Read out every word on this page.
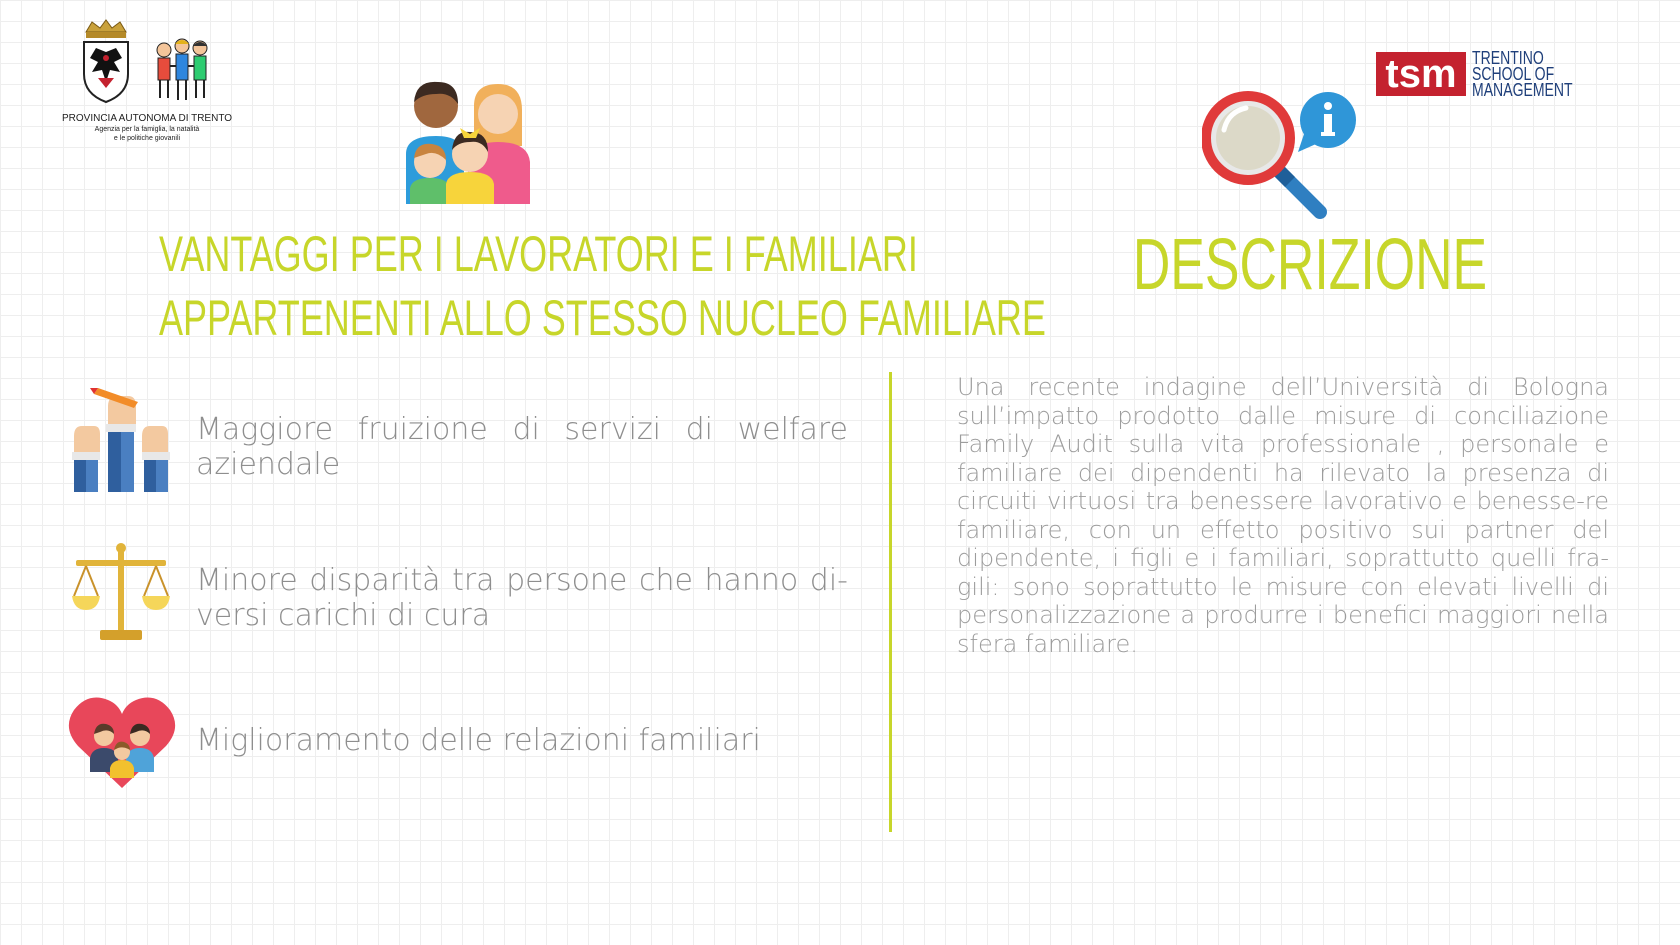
PROVINCIA AUTONOMA DI TRENTO
Agenzia per la famiglia, la natalità
e le politiche giovanili
tsm TRENTINO
SCHOOL OF
MANAGEMENT
VANTAGGI PER I LAVORATORI E I FAMILIARI
APPARTENENTI ALLO STESSO NUCLEO FAMILIARE
Maggiore fruizione di servizi di welfare aziendale
Minore disparità tra persone che hanno di-versi carichi di cura
Miglioramento delle relazioni familiari
DESCRIZIONE
Una recente indagine dell’Università di Bologna sull’impatto prodotto dalle misure di conciliazione Family Audit sulla vita professionale , personale e familiare dei dipendenti ha rilevato la presenza di circuiti virtuosi tra benessere lavorativo e benesse-re familiare, con un effetto positivo sui partner del dipendente, i figli e i familiari, soprattutto quelli fra-gili: sono soprattutto le misure con elevati livelli di personalizzazione a produrre i benefici maggiori nella sfera familiare.
